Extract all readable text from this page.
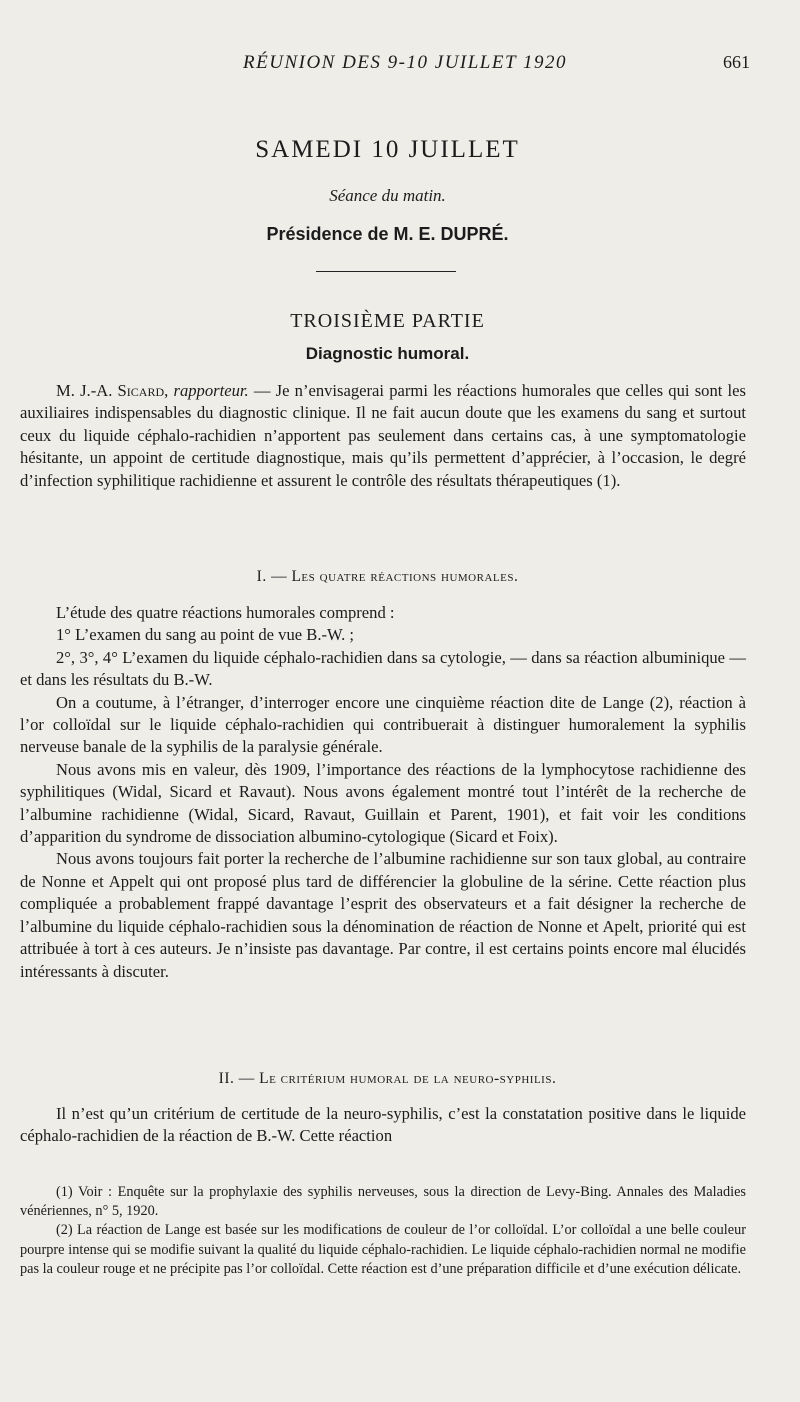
RÉUNION DES 9-10 JUILLET 1920	661
SAMEDI 10 JUILLET
Séance du matin.
Présidence de M. E. DUPRÉ.
TROISIÈME PARTIE
Diagnostic humoral.

M. J.-A. Sicard, rapporteur. — Je n’envisagerai parmi les réactions humorales que celles qui sont les auxiliaires indispensables du diagnostic clinique. Il ne fait aucun doute que les examens du sang et surtout ceux du liquide céphalo-rachidien n’apportent pas seulement dans certains cas, à une symptomatologie hésitante, un appoint de certitude diagnostique, mais qu’ils permettent d’apprécier, à l’occasion, le degré d’infection syphilitique rachidienne et assurent le contrôle des résultats thérapeutiques (1).

I. — Les quatre réactions humorales.

L’étude des quatre réactions humorales comprend :

1° L’examen du sang au point de vue B.-W. ;

2°, 3°, 4° L’examen du liquide céphalo-rachidien dans sa cytologie, — dans sa réaction albuminique — et dans les résultats du B.-W.

On a coutume, à l’étranger, d’interroger encore une cinquième réaction dite de Lange (2), réaction à l’or colloïdal sur le liquide céphalo-rachidien qui contribuerait à distinguer humoralement la syphilis nerveuse banale de la syphilis de la paralysie générale.

Nous avons mis en valeur, dès 1909, l’importance des réactions de la lymphocytose rachidienne des syphilitiques (Widal, Sicard et Ravaut). Nous avons également montré tout l’intérêt de la recherche de l’albumine rachidienne (Widal, Sicard, Ravaut, Guillain et Parent, 1901), et fait voir les conditions d’apparition du syndrome de dissociation albumino-cytologique (Sicard et Foix).

Nous avons toujours fait porter la recherche de l’albumine rachidienne sur son taux global, au contraire de Nonne et Appelt qui ont proposé plus tard de différencier la globuline de la sérine. Cette réaction plus compliquée a probablement frappé davantage l’esprit des observateurs et a fait désigner la recherche de l’albumine du liquide céphalo-rachidien sous la dénomination de réaction de Nonne et Apelt, priorité qui est attribuée à tort à ces auteurs. Je n’insiste pas davantage. Par contre, il est certains points encore mal élucidés intéressants à discuter.

II. — Le critérium humoral de la neuro-syphilis.

Il n’est qu’un critérium de certitude de la neuro-syphilis, c’est la constatation positive dans le liquide céphalo-rachidien de la réaction de B.-W. Cette réaction

(1) Voir : Enquête sur la prophylaxie des syphilis nerveuses, sous la direction de Levy-Bing. Annales des Maladies vénériennes, n° 5, 1920.

(2) La réaction de Lange est basée sur les modifications de couleur de l’or colloïdal. L’or colloïdal a une belle couleur pourpre intense qui se modifie suivant la qualité du liquide céphalo-rachidien. Le liquide céphalo-rachidien normal ne modifie pas la couleur rouge et ne précipite pas l’or colloïdal. Cette réaction est d’une préparation difficile et d’une exécution délicate.
